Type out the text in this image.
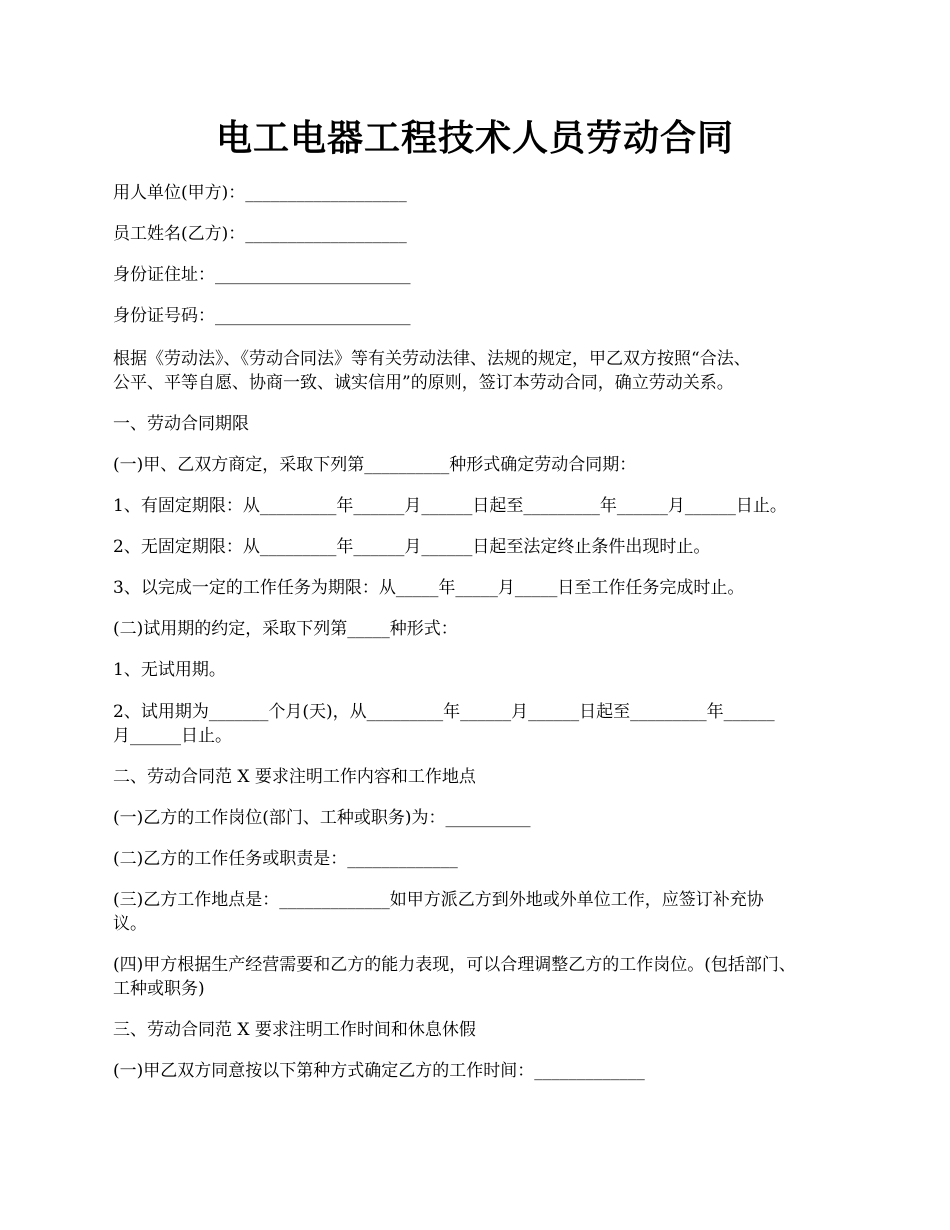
电工电器工程技术人员劳动合同
用人单位(甲方)：___________________
员工姓名(乙方)：___________________
身份证住址：_______________________
身份证号码：_______________________
根据《劳动法》、《劳动合同法》等有关劳动法律、法规的规定，甲乙双方按照“合法、
公平、平等自愿、协商一致、诚实信用”的原则，签订本劳动合同，确立劳动关系。
一、劳动合同期限
(一)甲、乙双方商定，采取下列第__________种形式确定劳动合同期：
1、有固定期限：从_________年______月______日起至_________年______月______日止。
2、无固定期限：从_________年______月______日起至法定终止条件出现时止。
3、以完成一定的工作任务为期限：从_____年_____月_____日至工作任务完成时止。
(二)试用期的约定，采取下列第_____种形式：
1、无试用期。
2、试用期为_______个月(天)，从_________年______月______日起至_________年______
月______日止。
二、劳动合同范 X 要求注明工作内容和工作地点
(一)乙方的工作岗位(部门、工种或职务)为：__________
(二)乙方的工作任务或职责是：_____________
(三)乙方工作地点是：_____________如甲方派乙方到外地或外单位工作，应签订补充协
议。
(四)甲方根据生产经营需要和乙方的能力表现，可以合理调整乙方的工作岗位。(包括部门、
工种或职务)
三、劳动合同范 X 要求注明工作时间和休息休假
(一)甲乙双方同意按以下第种方式确定乙方的工作时间：_____________
